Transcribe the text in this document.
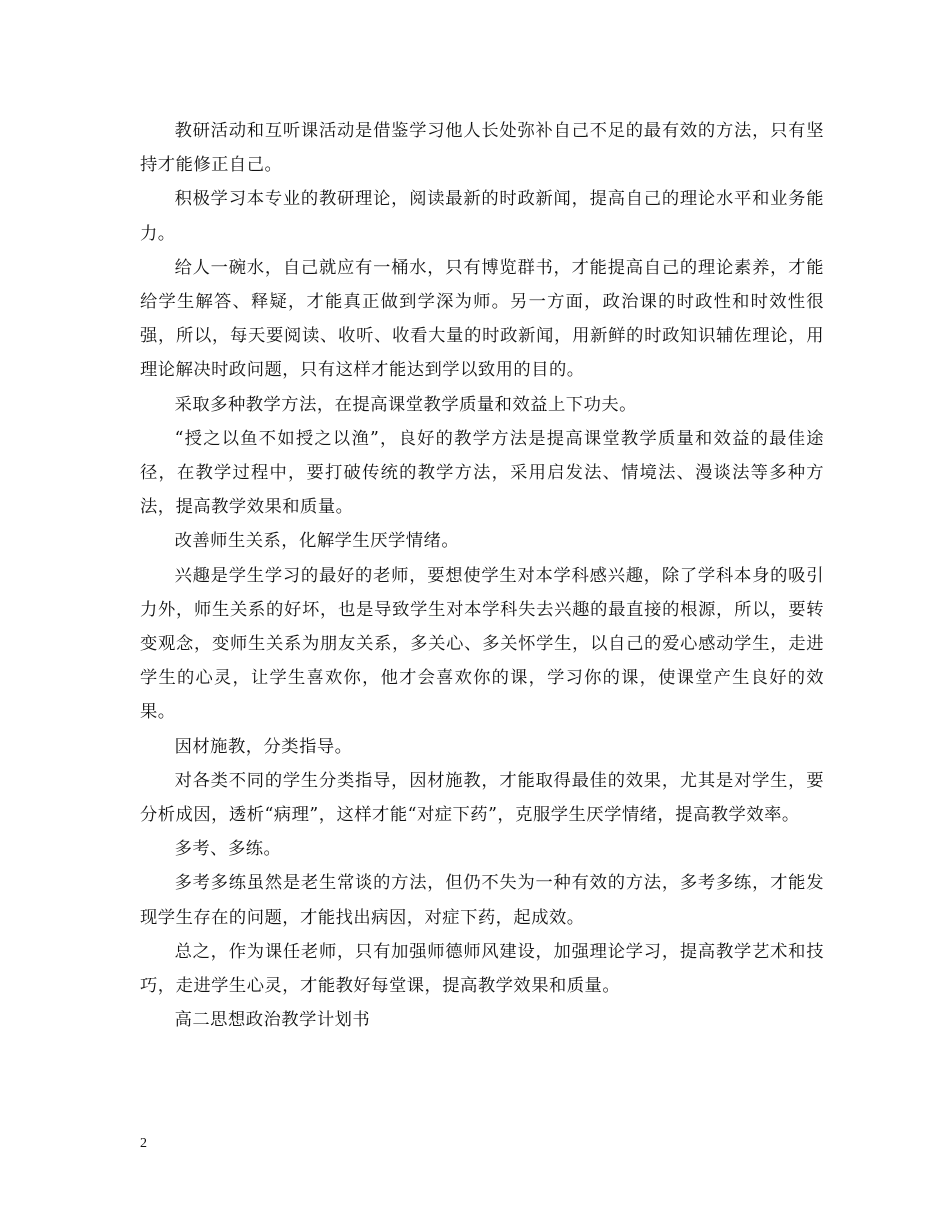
教研活动和互听课活动是借鉴学习他人长处弥补自己不足的最有效的方法，只有坚持才能修正自己。

积极学习本专业的教研理论，阅读最新的时政新闻，提高自己的理论水平和业务能力。

给人一碗水，自己就应有一桶水，只有博览群书，才能提高自己的理论素养，才能给学生解答、释疑，才能真正做到学深为师。另一方面，政治课的时政性和时效性很强，所以，每天要阅读、收听、收看大量的时政新闻，用新鲜的时政知识辅佐理论，用理论解决时政问题，只有这样才能达到学以致用的目的。

采取多种教学方法，在提高课堂教学质量和效益上下功夫。

“授之以鱼不如授之以渔”，良好的教学方法是提高课堂教学质量和效益的最佳途径，在教学过程中，要打破传统的教学方法，采用启发法、情境法、漫谈法等多种方法，提高教学效果和质量。

改善师生关系，化解学生厌学情绪。

兴趣是学生学习的最好的老师，要想使学生对本学科感兴趣，除了学科本身的吸引力外，师生关系的好坏，也是导致学生对本学科失去兴趣的最直接的根源，所以，要转变观念，变师生关系为朋友关系，多关心、多关怀学生，以自己的爱心感动学生，走进学生的心灵，让学生喜欢你，他才会喜欢你的课，学习你的课，使课堂产生良好的效果。

因材施教，分类指导。

对各类不同的学生分类指导，因材施教，才能取得最佳的效果，尤其是对学生，要分析成因，透析“病理”，这样才能“对症下药”，克服学生厌学情绪，提高教学效率。

多考、多练。

多考多练虽然是老生常谈的方法，但仍不失为一种有效的方法，多考多练，才能发现学生存在的问题，才能找出病因，对症下药，起成效。

总之，作为课任老师，只有加强师德师风建设，加强理论学习，提高教学艺术和技巧，走进学生心灵，才能教好每堂课，提高教学效果和质量。

高二思想政治教学计划书

2
